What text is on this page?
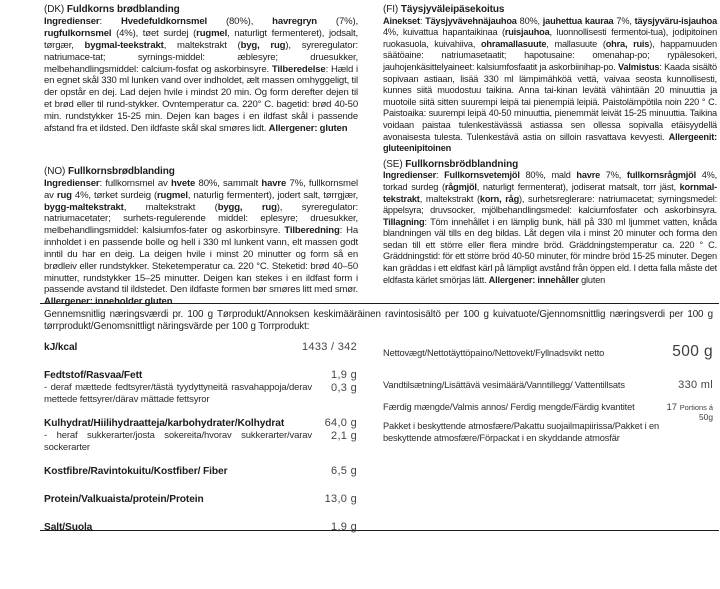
(DK) Fuldkorns brødblanding

Ingredienser: Hvedefuldkornsmel (80%), havregryn (7%), rugfulkornsmel (4%), tøet surdej (rugmel, naturligt fermenteret), jodsalt, tørgær, bygmal-teekstrakt, maltekstrakt (byg, rug), syreregulator: natriumace-tat; syrnings-middel: æblesyre; druesukker, melbehandlingsmiddel: calcium-fosfat og askorbinsyre. Tilberedelse: Hæld i en egnet skål 330 ml lunken vand over indholdet, ælt massen omhyggeligt, til der opstår en dej. Lad dejen hvile i mindst 20 min. Og form derefter dejen til et brød eller til rund-stykker. Ovntemperatur ca. 220° C. bagetid: brød 40-50 min. rundstykker 15-25 min. Dejen kan bages i en ildfast skål i passende afstand fra et ildsted. Den ildfaste skål skal smøres lidt. Allergener: gluten

(NO) Fullkornsbrødblanding

Ingredienser: fullkornsmel av hvete 80%, sammalt havre 7%, fullkornsmel av rug 4%, tørket surdeig (rugmel, naturlig fermentert), jodert salt, tørrgjær, bygg-maltekstrakt, maltekstrakt (bygg, rug), syreregulator: natriumacetater; surhets-regulerende middel: eplesyre; druesukker, melbehandlingsmiddel: kalsiumfos-fater og askorbinsyre. Tilberedning: Ha innholdet i en passende bolle og hell i 330 ml lunkent vann, elt massen godt inntil du har en deig. La deigen hvile i minst 20 minutter og form så en brødleiv eller rundstykker. Steketemperatur ca. 220 °C. Steketid: brød 40–50 minutter, rundstykker 15–25 minutter. Deigen kan stekes i en ildfast form i passende avstand til ildstedet. Den ildfaste formen bør smøres litt med smør. Allergener: inneholder gluten

(FI) Täysjyväleipäsekoitus

Ainekset: Täysjyvävehnäjauhoa 80%, jauhettua kauraa 7%, täysjyväru-isjauhoa 4%, kuivattua hapantaikinaa (ruisjauhoa, luonnollisesti fermentoi-tua), jodipitoinen ruokasuola, kuivahiiva, ohramallasuute, mallasuute (ohra, ruis), happamuuden säätöaine: natriumasetaatit; hapotusaine: omenahap-po; rypälesokeri, jauhojenkäsittelyaineet: kalsiumfosfaatit ja askorbiinihap-po. Valmistus: Kaada sisältö sopivaan astiaan, lisää 330 ml lämpimähköä vettä, vaivaa seosta kunnollisesti, kunnes siitä muodostuu taikina. Anna tai-kinan levätä vähintään 20 minuuttia ja muotoile siitä sitten suurempi leipä tai pienempiä leipiä. Paistolämpötila noin 220 ° C. Paistoaika: suurempi leipä 40-50 minuuttia, pienemmät leivät 15-25 minuuttia. Taikina voidaan paistaa tulenkestävässä astiassa sen ollessa sopivalla etäisyydellä avonaisesta tulesta. Tulenkestävä astia on silloin rasvattava kevyesti. Allergeenit: gluteenipitoinen

(SE) Fullkornsbrödblandning

Ingredienser: Fullkornsvetemjöl 80%, mald havre 7%, fullkornsrågmjöl 4%, torkad surdeg (rågmjöl, naturligt fermenterat), jodiserat matsalt, torr jäst, kornmal-tekstrakt, maltekstrakt (korn, råg), surhetsreglerare: natriumacetat; syrningsmedel: äppelsyra; druvsocker, mjölbehandlingsmedel: kalciumfosfater och askorbinsyra. Tillagning: Töm innehållet i en lämplig bunk, häll på 330 ml ljummet vatten, knåda blandningen väl tills en deg bildas. Låt degen vila i minst 20 minuter och forma den sedan till ett större eller flera mindre bröd. Gräddningstemperatur ca. 220 ° C. Gräddningstid: för ett större bröd 40-50 minuter, för mindre bröd 15-25 minuter. Degen kan gräddas i ett eldfast kärl på lämpligt avstånd från öppen eld. I detta falla måste det eldfasta kärlet smörjas lätt. Allergener: innehåller gluten

Gennemsnitlig næringsværdi pr. 100 g Tørprodukt/Annoksen keskimääräinen ravintosisältö per 100 g kuivatuote/Gjennomsnittlig næringsverdi per 100 g tørrprodukt/Genomsnittligt näringsvärde per 100 g Torrprodukt:
kJ/kcal	1433 / 342
Fedtstof/Rasvaa/Fett	1,9 g
- deraf mættede fedtsyrer/tästä tyydyttyneitä rasvahappoja/derav mettede fettsyrer/därav mättade fettsyror
0,3 g
Kulhydrat/Hiilihydraatteja/karbohydrater/Kolhydrat	64,0 g
- heraf sukkerarter/josta sokereita/hvorav sukkerarter/varav sockerarter
2,1 g
Kostfibre/Ravintokuitu/Kostfiber/ Fiber	6,5 g
Protein/Valkuaista/protein/Protein	13,0 g
Salt/Suola	1,9 g
Nettovægt/Nettotäyttöpaino/Nettovekt/Fyllnadsvikt netto	500 g
Vandtilsætning/Lisättävä vesimäärä/Vanntillegg/ Vattentillsats	330 ml
Færdig mængde/Valmis annos/ Ferdig mengde/Färdig kvantitet	17 Portions á
50g
Pakket i beskyttende atmosfære/Pakattu suojailmapiirissa/Pakket i en beskyttende atmosfære/Förpackat i en skyddande atmosfär
